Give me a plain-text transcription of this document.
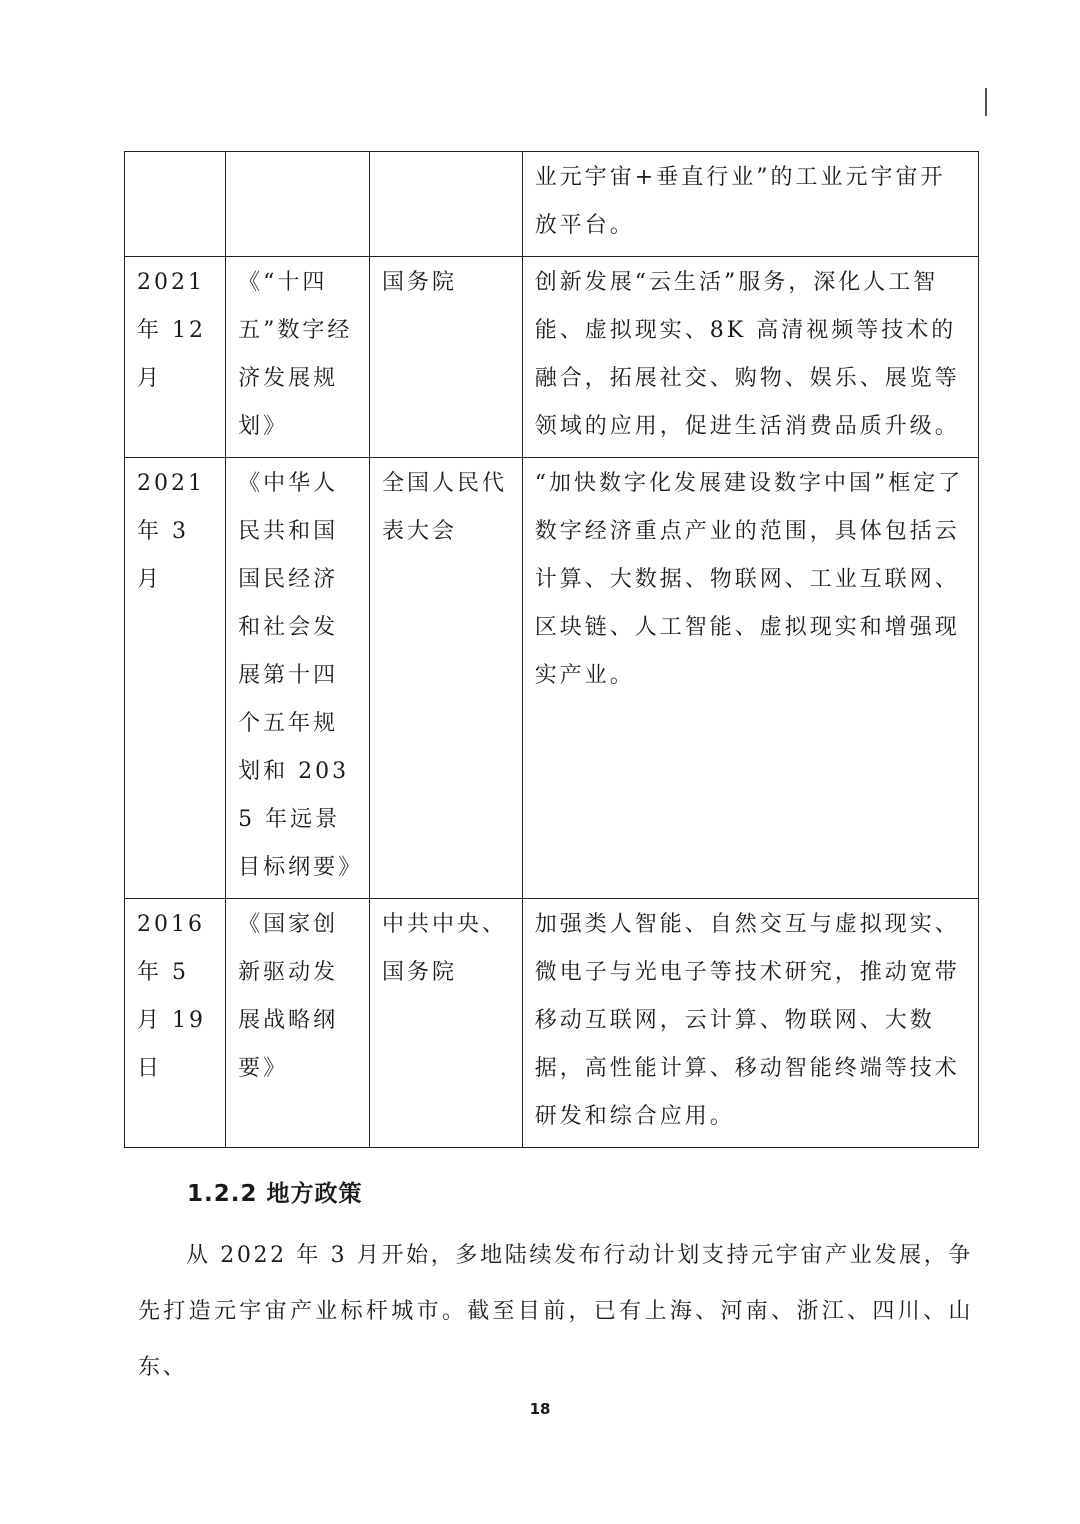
			业元宇宙+垂直行业”的工业元宇宙开放平台。
2021 年 12 月	《“十四五”数字经济发展规划》	国务院	创新发展“云生活”服务，深化人工智能、虚拟现实、8K 高清视频等技术的融合，拓展社交、购物、娱乐、展览等领域的应用，促进生活消费品质升级。
2021 年 3 月	《中华人民共和国国民经济和社会发展第十四个五年规划和 2035 年远景目标纲要》	全国人民代表大会	“加快数字化发展建设数字中国”框定了数字经济重点产业的范围，具体包括云计算、大数据、物联网、工业互联网、区块链、人工智能、虚拟现实和增强现实产业。
2016 年 5 月 19 日	《国家创新驱动发展战略纲要》	中共中央、国务院	加强类人智能、自然交互与虚拟现实、微电子与光电子等技术研究，推动宽带移动互联网，云计算、物联网、大数据，高性能计算、移动智能终端等技术研发和综合应用。
1.2.2 地方政策

从 2022 年 3 月开始，多地陆续发布行动计划支持元宇宙产业发展，争先打造元宇宙产业标杆城市。截至目前，已有上海、河南、浙江、四川、山东、

18
